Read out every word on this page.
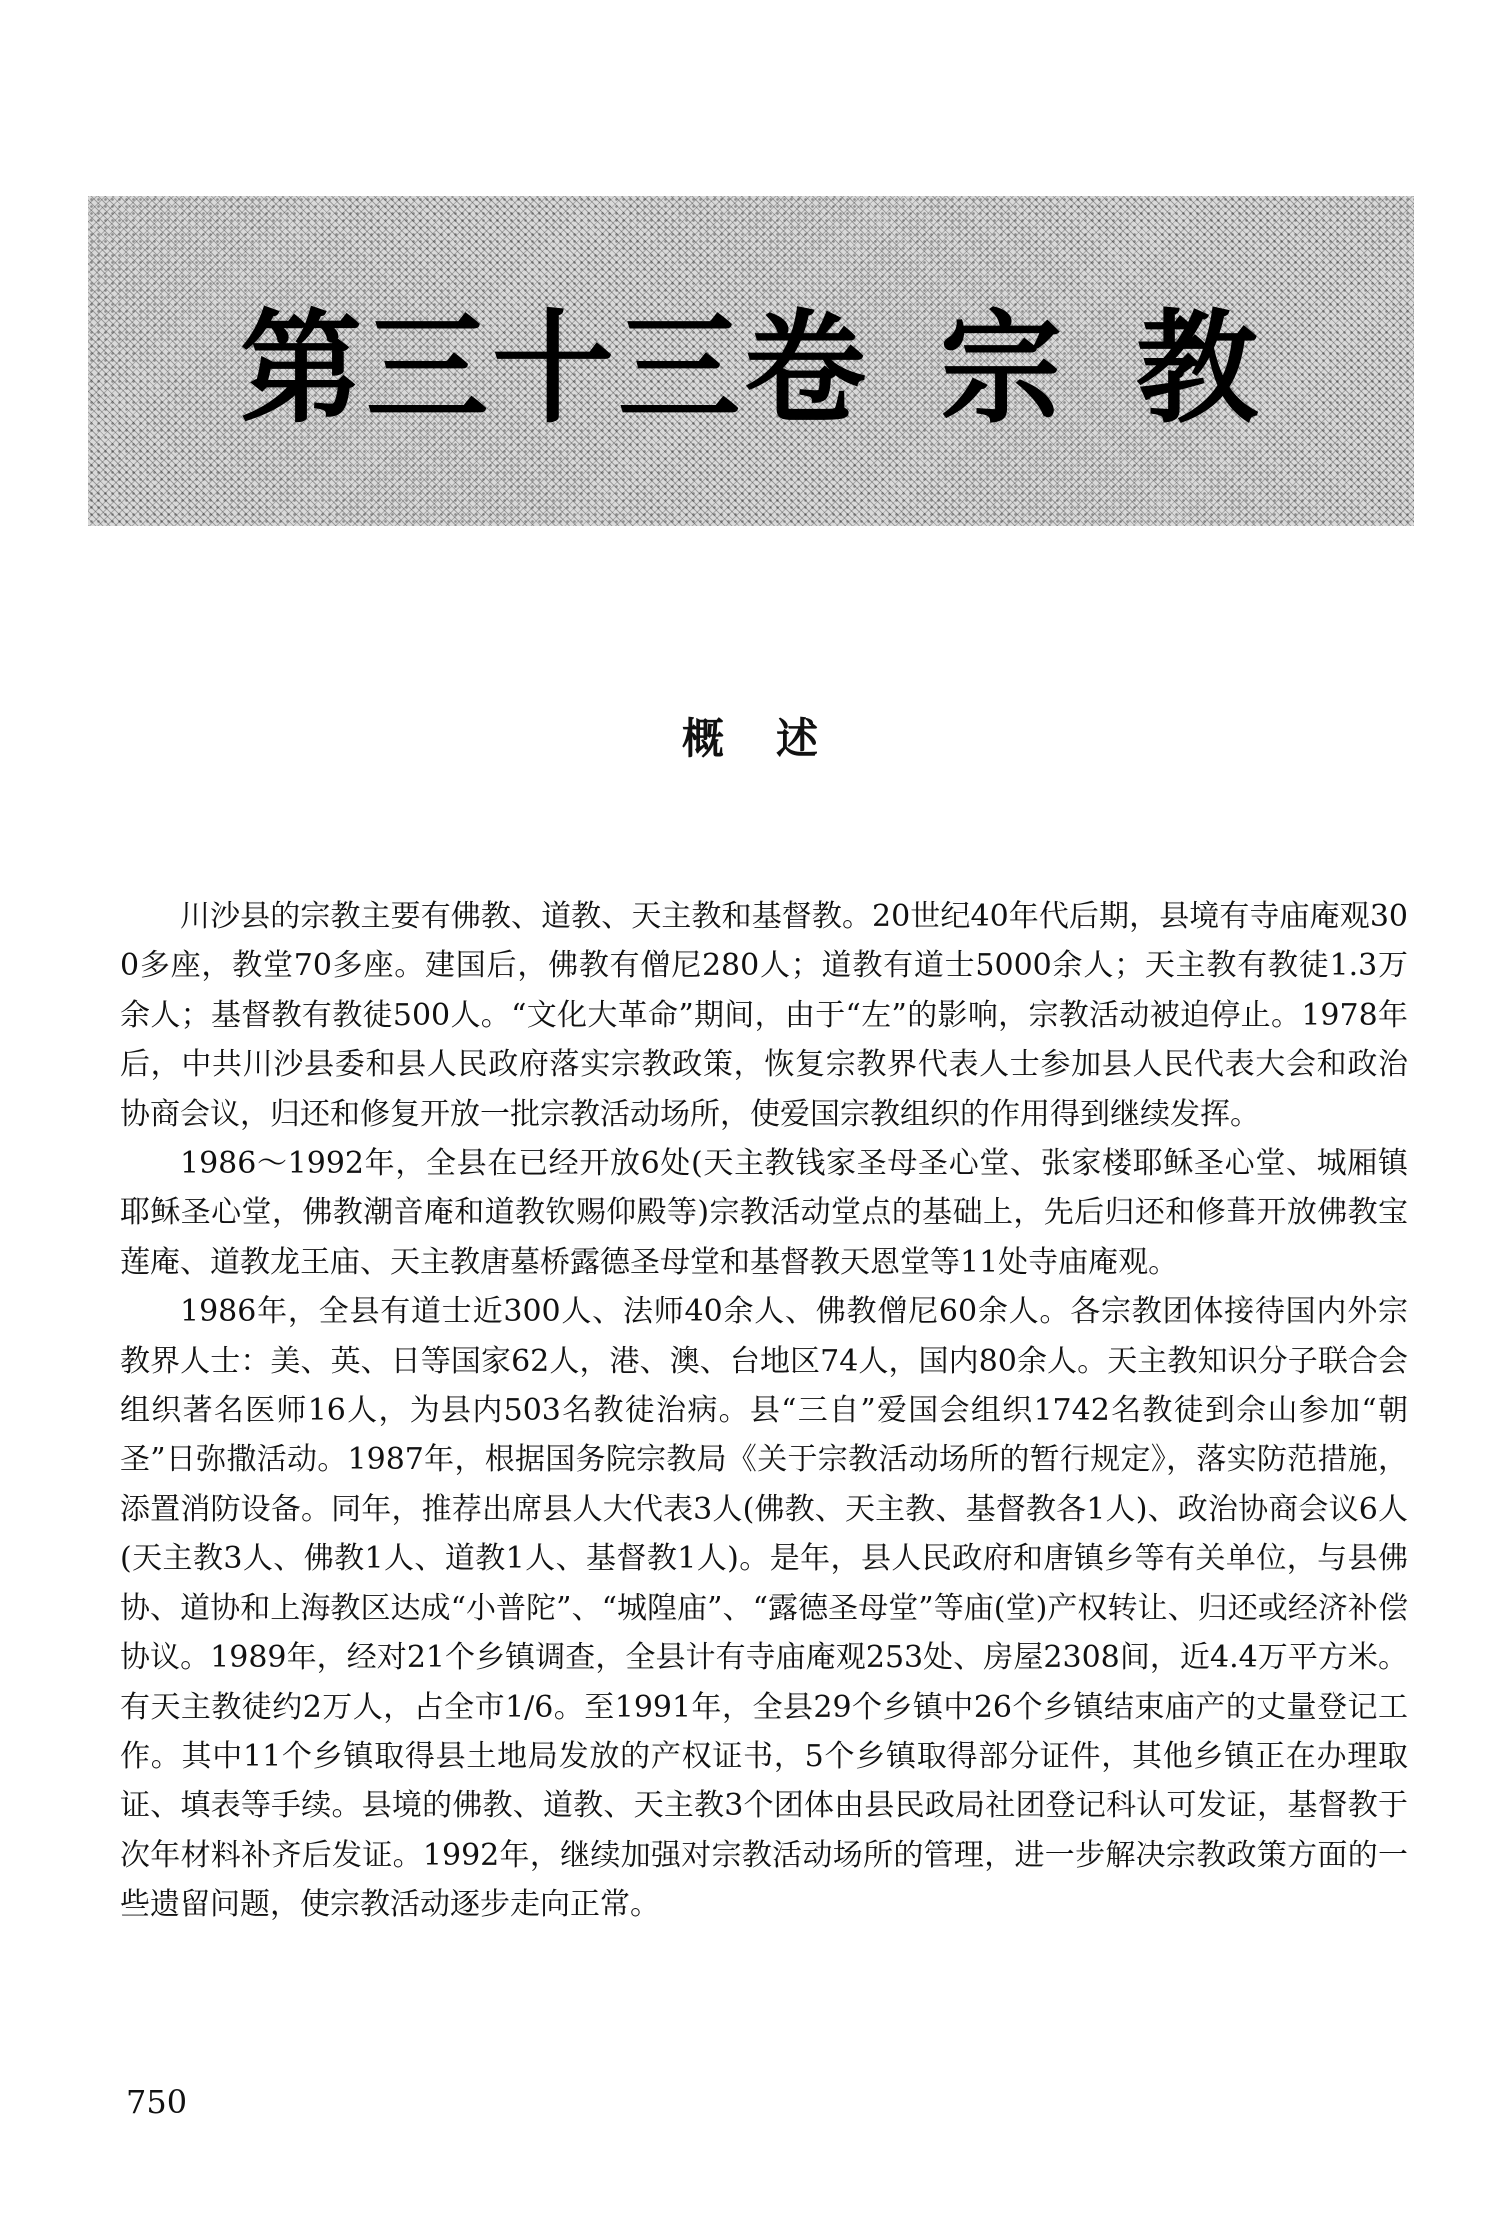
第三十三卷 宗 教
概述

川沙县的宗教主要有佛教、道教、天主教和基督教。20世纪40年代后期，县境有寺庙庵观300多座，教堂70多座。建国后，佛教有僧尼280人；道教有道士5000余人；天主教有教徒1.3万余人；基督教有教徒500人。“文化大革命”期间，由于“左”的影响，宗教活动被迫停止。1978年后，中共川沙县委和县人民政府落实宗教政策，恢复宗教界代表人士参加县人民代表大会和政治协商会议，归还和修复开放一批宗教活动场所，使爱国宗教组织的作用得到继续发挥。

1986～1992年，全县在已经开放6处(天主教钱家圣母圣心堂、张家楼耶稣圣心堂、城厢镇耶稣圣心堂，佛教潮音庵和道教钦赐仰殿等)宗教活动堂点的基础上，先后归还和修葺开放佛教宝莲庵、道教龙王庙、天主教唐墓桥露德圣母堂和基督教天恩堂等11处寺庙庵观。

1986年，全县有道士近300人、法师40余人、佛教僧尼60余人。各宗教团体接待国内外宗教界人士：美、英、日等国家62人，港、澳、台地区74人，国内80余人。天主教知识分子联合会组织著名医师16人，为县内503名教徒治病。县“三自”爱国会组织1742名教徒到佘山参加“朝圣”日弥撒活动。1987年，根据国务院宗教局《关于宗教活动场所的暂行规定》，落实防范措施，添置消防设备。同年，推荐出席县人大代表3人(佛教、天主教、基督教各1人)、政治协商会议6人(天主教3人、佛教1人、道教1人、基督教1人)。是年，县人民政府和唐镇乡等有关单位，与县佛协、道协和上海教区达成“小普陀”、“城隍庙”、“露德圣母堂”等庙(堂)产权转让、归还或经济补偿协议。1989年，经对21个乡镇调查，全县计有寺庙庵观253处、房屋2308间，近4.4万平方米。有天主教徒约2万人，占全市1/6。至1991年，全县29个乡镇中26个乡镇结束庙产的丈量登记工作。其中11个乡镇取得县土地局发放的产权证书，5个乡镇取得部分证件，其他乡镇正在办理取证、填表等手续。县境的佛教、道教、天主教3个团体由县民政局社团登记科认可发证，基督教于次年材料补齐后发证。1992年，继续加强对宗教活动场所的管理，进一步解决宗教政策方面的一些遗留问题，使宗教活动逐步走向正常。

750
